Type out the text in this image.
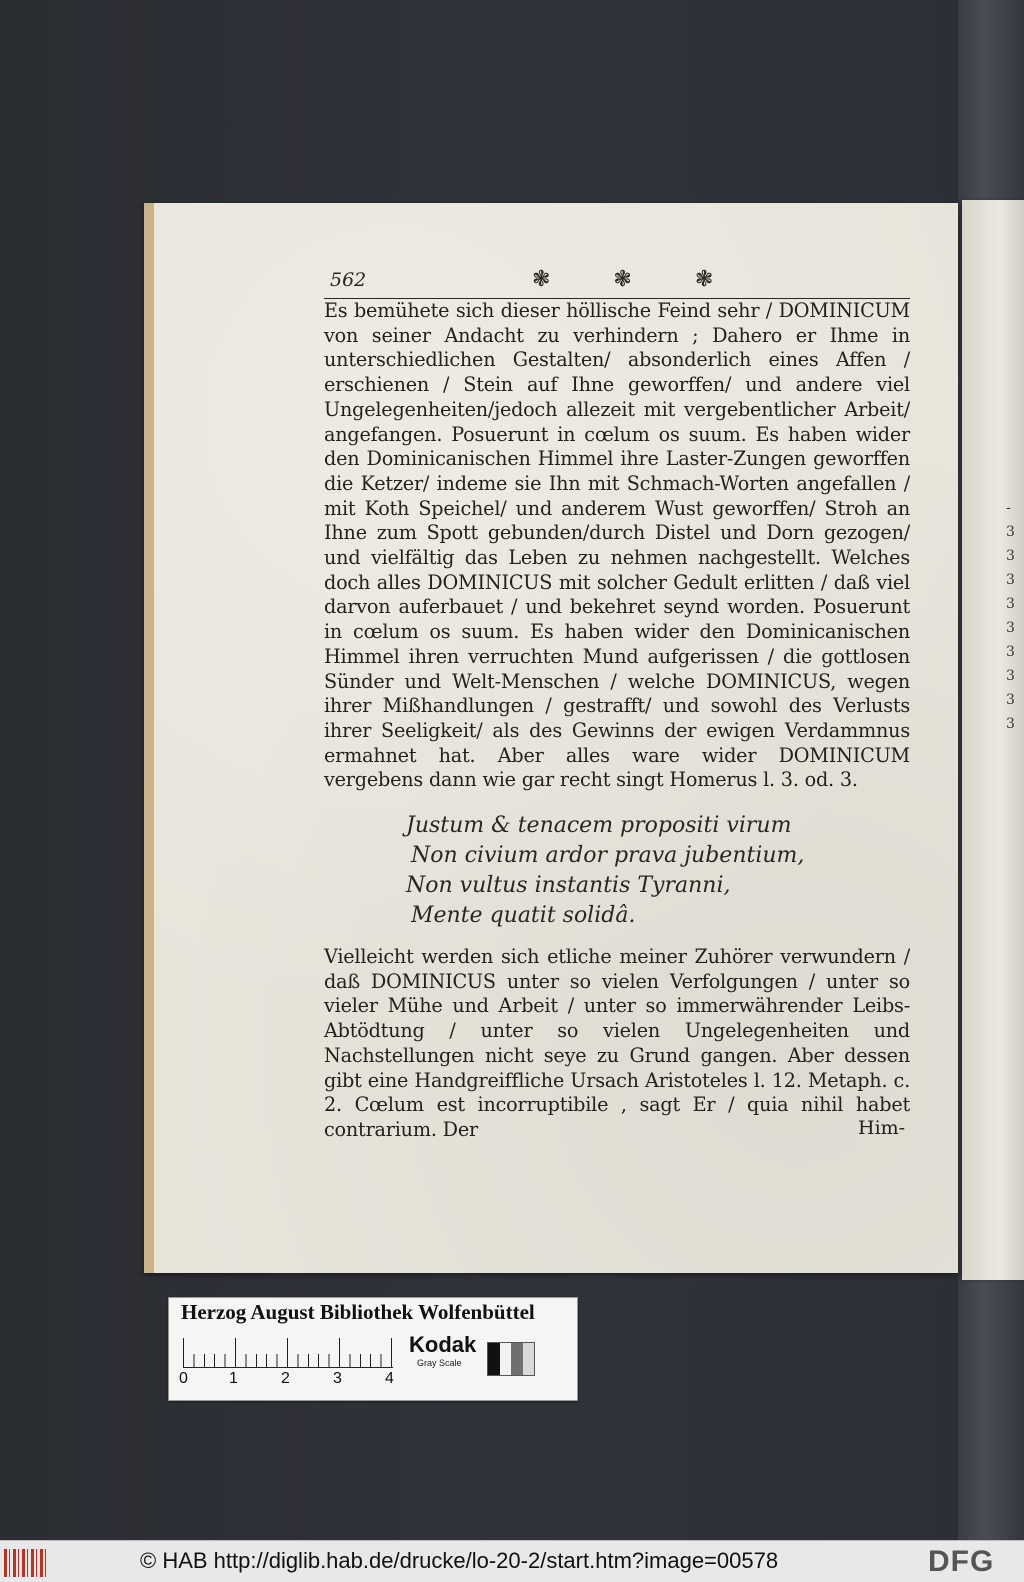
-
3
3
3
3
3
3
3
3
3
562	❃ ❃ ❃

Es bemühete sich dieser höllische Feind sehr / DOMINICUM von seiner Andacht zu verhindern ; Dahero er Ihme in unterschiedlichen Gestalten/ absonderlich eines Affen / erschienen / Stein auf Ihne geworffen/ und andere viel Ungelegenheiten/jedoch allezeit mit vergebentlicher Arbeit/ angefangen. Posuerunt in cœlum os suum. Es haben wider den Dominicanischen Himmel ihre Laster-Zungen geworffen die Ketzer/ indeme sie Ihn mit Schmach-Worten angefallen / mit Koth Speichel/ und anderem Wust geworffen/ Stroh an Ihne zum Spott gebunden/durch Distel und Dorn gezogen/ und vielfältig das Leben zu nehmen nachgestellt. Welches doch alles DOMINICUS mit solcher Gedult erlitten / daß viel darvon auferbauet / und bekehret seynd worden. Posuerunt in cœlum os suum. Es haben wider den Dominicanischen Himmel ihren verruchten Mund aufgerissen / die gottlosen Sünder und Welt-Menschen / welche DOMINICUS, wegen ihrer Mißhandlungen / gestrafft/ und sowohl des Verlusts ihrer Seeligkeit/ als des Gewinns der ewigen Verdammnus ermahnet hat. Aber alles ware wider DOMINICUM vergebens dann wie gar recht singt Homerus l. 3. od. 3.

Justum & tenacem propositi virum
Non civium ardor prava jubentium,
Non vultus instantis Tyranni,
Mente quatit solidâ.

Vielleicht werden sich etliche meiner Zuhörer verwundern / daß DOMINICUS unter so vielen Verfolgungen / unter so vieler Mühe und Arbeit / unter so immerwährender Leibs-Abtödtung / unter so vielen Ungelegenheiten und Nachstellungen nicht seye zu Grund gangen. Aber dessen gibt eine Handgreiffliche Ursach Aristoteles l. 12. Metaph. c. 2. Cœlum est incorruptibile , sagt Er / quia nihil habet contrarium. Der	Him-
Herzog August Bibliothek Wolfenbüttel
0	1	2	3	4
Kodak
Gray Scale
© HAB http://diglib.hab.de/drucke/lo-20-2/start.htm?image=00578	DFG
